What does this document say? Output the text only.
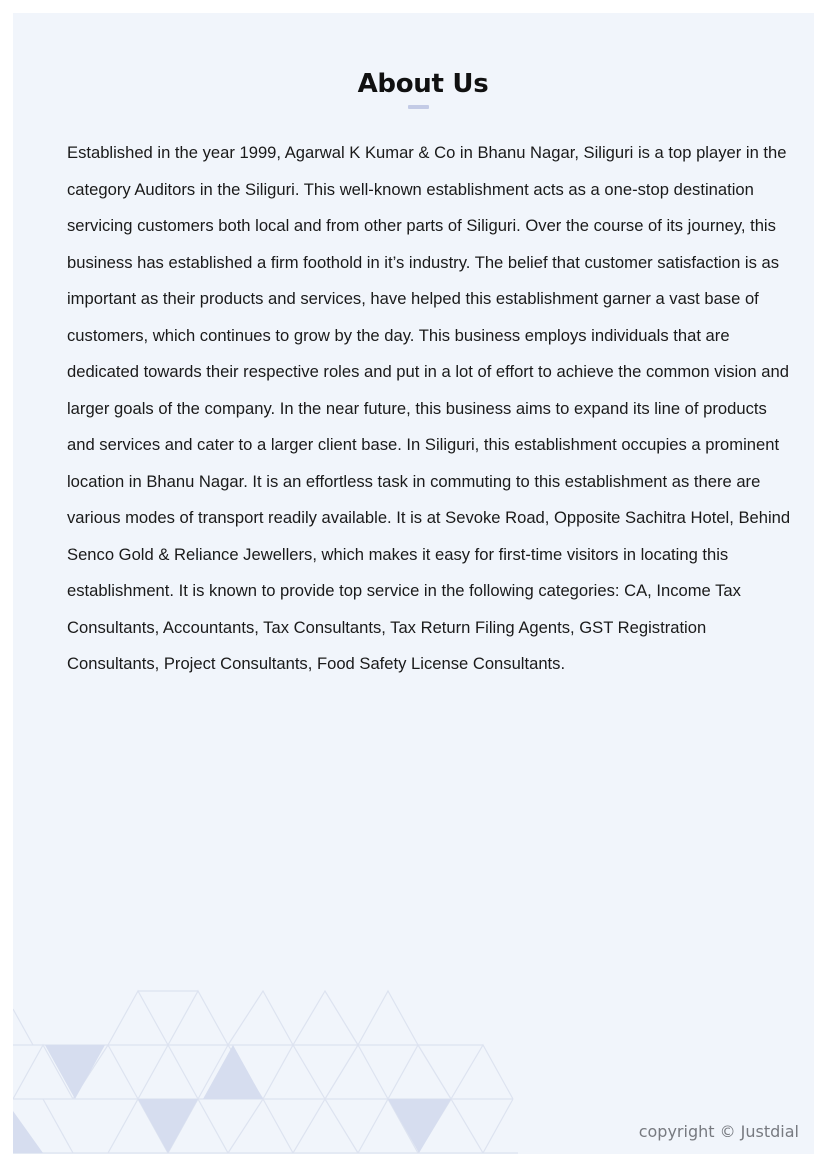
About Us

Established in the year 1999, Agarwal K Kumar & Co in Bhanu Nagar, Siliguri is a top player in the category Auditors in the Siliguri. This well-known establishment acts as a one-stop destination servicing customers both local and from other parts of Siliguri. Over the course of its journey, this business has established a firm foothold in it’s industry. The belief that customer satisfaction is as important as their products and services, have helped this establishment garner a vast base of customers, which continues to grow by the day. This business employs individuals that are dedicated towards their respective roles and put in a lot of effort to achieve the common vision and larger goals of the company. In the near future, this business aims to expand its line of products and services and cater to a larger client base. In Siliguri, this establishment occupies a prominent location in Bhanu Nagar. It is an effortless task in commuting to this establishment as there are various modes of transport readily available. It is at Sevoke Road, Opposite Sachitra Hotel, Behind Senco Gold & Reliance Jewellers, which makes it easy for first-time visitors in locating this establishment. It is known to provide top service in the following categories: CA, Income Tax Consultants, Accountants, Tax Consultants, Tax Return Filing Agents, GST Registration Consultants, Project Consultants, Food Safety License Consultants.

copyright © Justdial
